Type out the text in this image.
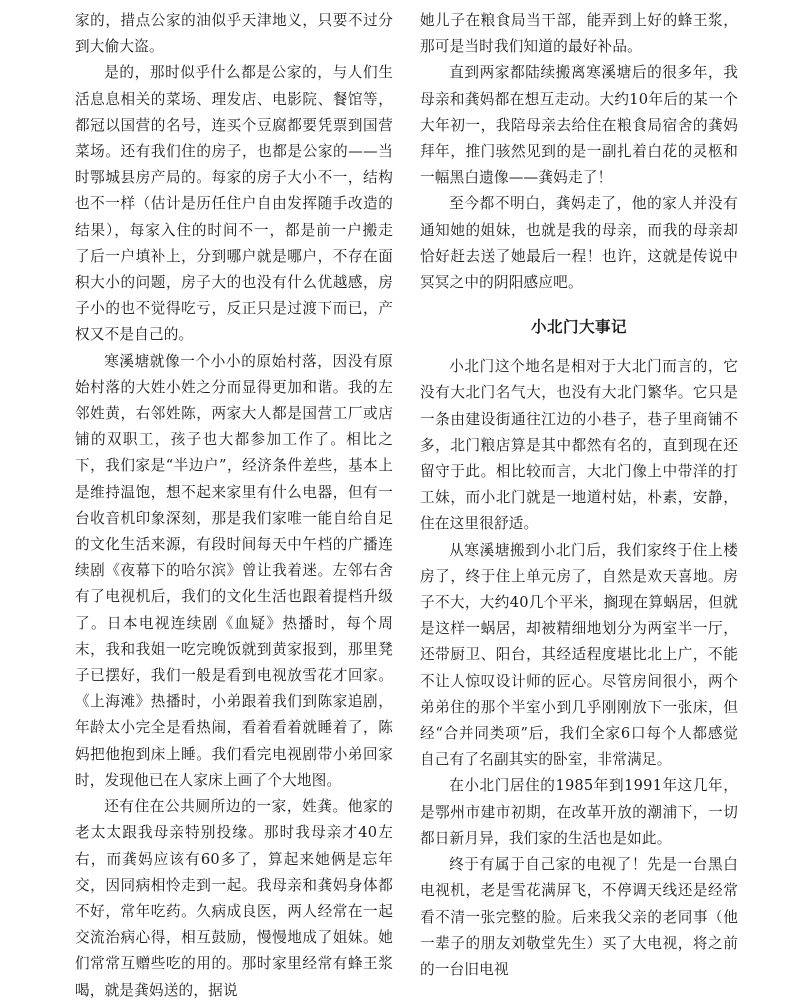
家的，措点公家的油似乎天津地义，只要不过分到大偷大盗。

是的，那时似乎什么都是公家的，与人们生活息息相关的菜场、理发店、电影院、餐馆等，都冠以国营的名号，连买个豆腐都要凭票到国营菜场。还有我们住的房子，也都是公家的——当时鄂城县房产局的。每家的房子大小不一，结构也不一样（估计是历任住户自由发挥随手改造的结果），每家入住的时间不一，都是前一户搬走了后一户填补上，分到哪户就是哪户，不存在面积大小的问题，房子大的也没有什么优越感，房子小的也不觉得吃亏，反正只是过渡下而已，产权又不是自己的。

寒溪塘就像一个小小的原始村落，因没有原始村落的大姓小姓之分而显得更加和谐。我的左邻姓黄，右邻姓陈，两家大人都是国营工厂或店铺的双职工，孩子也大都参加工作了。相比之下，我们家是“半边户”，经济条件差些，基本上是维持温饱，想不起来家里有什么电器，但有一台收音机印象深刻，那是我们家唯一能自给自足的文化生活来源，有段时间每天中午档的广播连续剧《夜幕下的哈尔滨》曾让我着迷。左邻右舍有了电视机后，我们的文化生活也跟着提档升级了。日本电视连续剧《血疑》热播时，每个周末，我和我姐一吃完晚饭就到黄家报到，那里凳子已摆好，我们一般是看到电视放雪花才回家。《上海滩》热播时，小弟跟着我们到陈家追剧，年龄太小完全是看热闹，看着看着就睡着了，陈妈把他抱到床上睡。我们看完电视剧带小弟回家时，发现他已在人家床上画了个大地图。

还有住在公共厕所边的一家，姓龚。他家的老太太跟我母亲特别投缘。那时我母亲才40左右，而龚妈应该有60多了，算起来她俩是忘年交，因同病相怜走到一起。我母亲和龚妈身体都不好，常年吃药。久病成良医，两人经常在一起交流治病心得，相互鼓励，慢慢地成了姐妹。她们常常互赠些吃的用的。那时家里经常有蜂王浆喝，就是龚妈送的，据说

她儿子在粮食局当干部，能弄到上好的蜂王浆，那可是当时我们知道的最好补品。

直到两家都陆续搬离寒溪塘后的很多年，我母亲和龚妈都在想互走动。大约10年后的某一个大年初一，我陪母亲去给住在粮食局宿舍的龚妈拜年，推门骇然见到的是一副扎着白花的灵柩和一幅黑白遗像——龚妈走了！

至今都不明白，龚妈走了，他的家人并没有通知她的姐妹，也就是我的母亲，而我的母亲却恰好赶去送了她最后一程！也许，这就是传说中冥冥之中的阴阳感应吧。

小北门大事记

小北门这个地名是相对于大北门而言的，它没有大北门名气大，也没有大北门繁华。它只是一条由建设街通往江边的小巷子，巷子里商铺不多，北门粮店算是其中都然有名的，直到现在还留守于此。相比较而言，大北门像上中带洋的打工妹，而小北门就是一地道村姑，朴素，安静，住在这里很舒适。

从寒溪塘搬到小北门后，我们家终于住上楼房了，终于住上单元房了，自然是欢天喜地。房子不大，大约40几个平米，搁现在算蜗居，但就是这样一蜗居，却被精细地划分为两室半一厅，还带厨卫、阳台，其经适程度堪比北上广，不能不让人惊叹设计师的匠心。尽管房间很小，两个弟弟住的那个半室小到几乎刚刚放下一张床，但经“合并同类项”后，我们全家6口每个人都感觉自己有了名副其实的卧室，非常满足。

在小北门居住的1985年到1991年这几年，是鄂州市建市初期，在改革开放的潮浦下，一切都日新月异，我们家的生活也是如此。

终于有属于自己家的电视了！先是一台黑白电视机，老是雪花满屏飞，不停调天线还是经常看不清一张完整的脸。后来我父亲的老同事（他一辈子的朋友刘敬堂先生）买了大电视，将之前的一台旧电视
